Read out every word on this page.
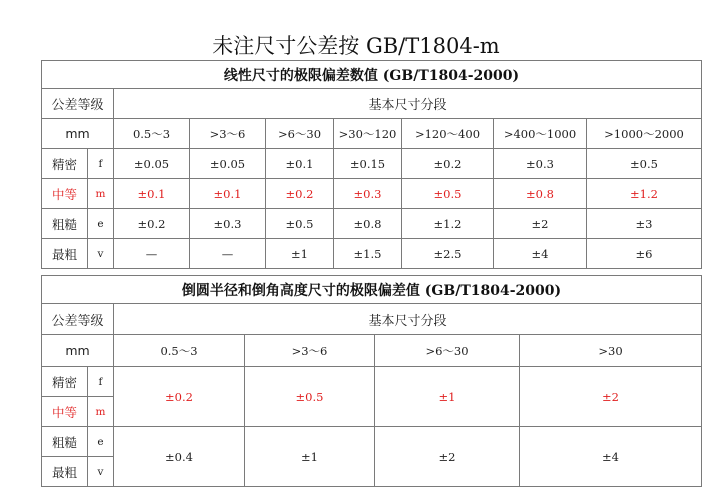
未注尺寸公差按 GB/T1804-m
线性尺寸的极限偏差数值 (GB/T1804-2000)								
公差等级		基本尺寸分段						
mm		0.5～3	>3～6	>6～30	>30～120	>120～400	>400～1000	>1000～2000
精密	f	±0.05	±0.05	±0.1	±0.15	±0.2	±0.3	±0.5
中等	m	±0.1	±0.1	±0.2	±0.3	±0.5	±0.8	±1.2
粗糙	e	±0.2	±0.3	±0.5	±0.8	±1.2	±2	±3
最粗	v	—	—	±1	±1.5	±2.5	±4	±6
倒圆半径和倒角高度尺寸的极限偏差值 (GB/T1804-2000)					
公差等级		基本尺寸分段			
mm		0.5～3	>3～6	>6～30	>30
精密	f	±0.2	±0.5	±1	±2
中等	m				
粗糙	e	±0.4	±1	±2	±4
最粗	v				
